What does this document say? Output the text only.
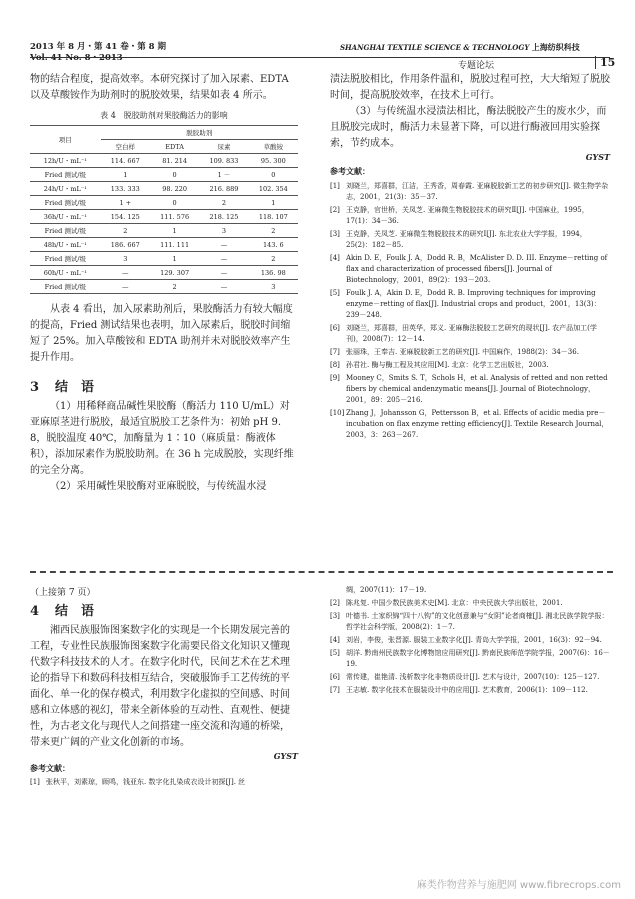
2013 年 8 月・第 41 卷・第 8 期
Vol. 41 No. 8・2013
SHANGHAI TEXTILE SCIENCE & TECHNOLOGY 上海纺织科技
专题论坛	15

物的结合程度，提高效率。本研究探讨了加入尿素、EDTA 以及草酸铵作为助剂时的脱胶效果，结果如表 4 所示。

表 4　脱胶助剂对果胶酶活力的影响
项目	脱胶助剂			
	空白样	EDTA	尿素	草酸铵
12h/U・mL⁻¹	114. 667	81. 214	109. 833	95. 300
Fried 测试/级	1	0	1 －	0
24h/U・mL⁻¹	133. 333	98. 220	216. 889	102. 354
Fried 测试/级	1 +	0	2	1
36h/U・mL⁻¹	154. 125	111. 576	218. 125	118. 107
Fried 测试/级	2	1	3	2
48h/U・mL⁻¹	186. 667	111. 111	—	143. 6
Fried 测试/级	3	1	—	2
60h/U・mL⁻¹	—	129. 307	—	136. 98
Fried 测试/级	—	2	—	3

从表 4 看出，加入尿素助剂后，果胶酶活力有较大幅度的提高，Fried 测试结果也表明，加入尿素后，脱胶时间缩短了 25%。加入草酸铵和 EDTA 助剂并未对脱胶效率产生提升作用。

3 结　语

（1）用稀释商品碱性果胶酶（酶活力 110 U/mL）对亚麻原茎进行脱胶，最适宜脱胶工艺条件为：初始 pH 9. 8，脱胶温度 40℃，加酶量为 1∶10（麻质量：酶液体积），添加尿素作为脱胶助剂。在 36 h 完成脱胶，实现纤维的完全分离。

（2）采用碱性果胶酶对亚麻脱胶，与传统温水浸

渍法脱胶相比，作用条件温和，脱胶过程可控，大大缩短了脱胶时间，提高脱胶效率，在技术上可行。

（3）与传统温水浸渍法相比，酶法脱胶产生的废水少，而且脱胶完成时，酶活力未显著下降，可以进行酶液回用实验探索，节约成本。

GYST
参考文献：
[1] 刘晓兰，郑喜群，江洁，王秀香，周春霞. 亚麻脱胶新工艺的初步研究[J]. 微生物学杂志，2001，21(3)：35－37.
[2] 王克静，官世桥，关凤芝. 亚麻微生物脱胶技术的研究Ⅱ[J]. 中国麻业，1995，17(1)：34－36.
[3] 王克静，关凤芝. 亚麻微生物脱胶技术的研究Ⅰ[J]. 东北农业大学学报，1994，25(2)：182－85.
[4] Akin D. E，Foulk J. A，Dodd R. B，McAlister D. D. III. Enzyme－retting of flax and characterization of processed fibers[J]. Journal of Biotechnology，2001，89(2)：193－203.
[5] Foulk J. A，Akin D. E，Dodd R. B. Improving techniques for improving enzyme－retting of flax[J]. Industrial crops and product，2001，13(3)：239－248.
[6] 刘晓兰，郑喜群，田英华，郑义. 亚麻酶法脱胶工艺研究的现状[J]. 农产品加工(学刊)，2008(7)：12－14.
[7] 张丽珠，王奉吉. 亚麻脱胶新工艺的研究[J]. 中国麻作，1988(2)：34－36.
[8] 孙君社. 酶与酶工程及其应用[M]. 北京：化学工艺出版社，2003.
[9] Mooney C，Smits S. T，Schols H，et al. Analysis of retted and non retted fibers by chemical andenzymatic means[J]. Journal of Biotechnology，2001，89：205－216.
[10] Zhang J，Johansson G，Pettersson B，et al. Effects of acidic media pre－incubation on flax enzyme retting efficiency[J]. Textile Research Journal，2003，3：263－267.
（上接第 7 页）
4 结　语

湘西民族服饰图案数字化的实现是一个长期发展完善的工程，专业性民族服饰图案数字化需要民俗文化知识又懂现代数字科技技术的人才。在数字化时代，民间艺术在艺术理论的指导下和数码科技相互结合，突破服饰手工艺传统的平面化、单一化的保存模式，利用数字化虚拟的空间感、时间感和立体感的视幻，带来全新体验的互动性、直观性、便捷性，为古老文化与现代人之间搭建一座交流和沟通的桥梁，带来更广阔的产业文化创新的市场。

GYST
参考文献：
[1] 张秋平，刘素琼，顾鸣，钱亚东. 数字化扎染成衣设计初探[J]. 丝
绸，2007(11)：17－19.
[2] 陈兆复. 中国少数民族美术史[M]. 北京：中央民族大学出版社，2001.
[3] 叶德书. 土家织锦“四十八钩”的文化创意兼与“女阴”论者商榷[J]. 湘北民族学院学报：哲学社会科学版，2008(2)：1－7.
[4] 刘岩，李俊，张晋源. 服装工业数字化[J]. 青岛大学学报，2001，16(3)：92－94.
[5] 胡洋. 黔南州民族数字化博物馆应用研究[J]. 黔南民族师范学院学报，2007(6)：16－19.
[6] 常传建，崔艳清. 浅析数字化非物质设计[J]. 艺术与设计，2007(10)：125－127.
[7] 王志敏. 数字化技术在服装设计中的应用[J]. 艺术教育，2006(1)：109－112.
麻类作物营养与施肥网 www.fibrecrops.com
